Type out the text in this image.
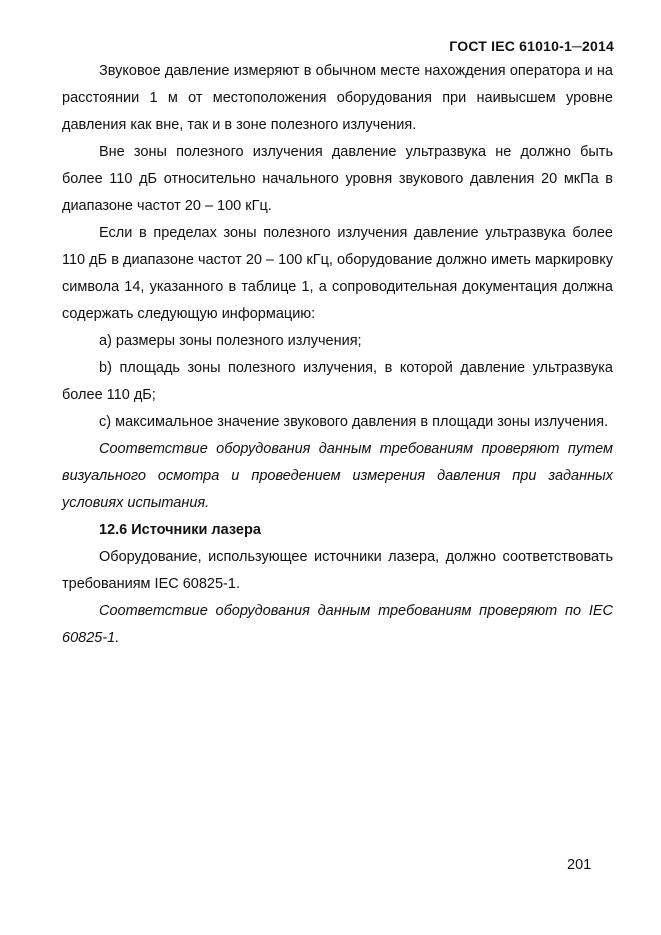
ГОСТ IEC 61010-1─2014

Звуковое давление измеряют в обычном месте нахождения оператора и на расстоянии 1 м от местоположения оборудования при наивысшем уровне давления как вне, так и в зоне полезного излучения.

Вне зоны полезного излучения давление ультразвука не должно быть более 110 дБ относительно начального уровня звукового давления 20 мкПа в диапазоне частот 20 – 100 кГц.

Если в пределах зоны полезного излучения давление ультразвука более 110 дБ в диапазоне частот 20 – 100 кГц, оборудование должно иметь маркировку символа 14, указанного в таблице 1, а сопроводительная документация должна содержать следующую информацию:

a) размеры зоны полезного излучения;

b) площадь зоны полезного излучения, в которой давление ультразвука более 110 дБ;

c) максимальное значение звукового давления в площади зоны излучения.

Соответствие оборудования данным требованиям проверяют путем визуального осмотра и проведением измерения давления при заданных условиях испытания.

12.6 Источники лазера

Оборудование, использующее источники лазера, должно соответствовать требованиям IEC 60825-1.

Соответствие оборудования данным требованиям проверяют по IEC 60825-1.

201
